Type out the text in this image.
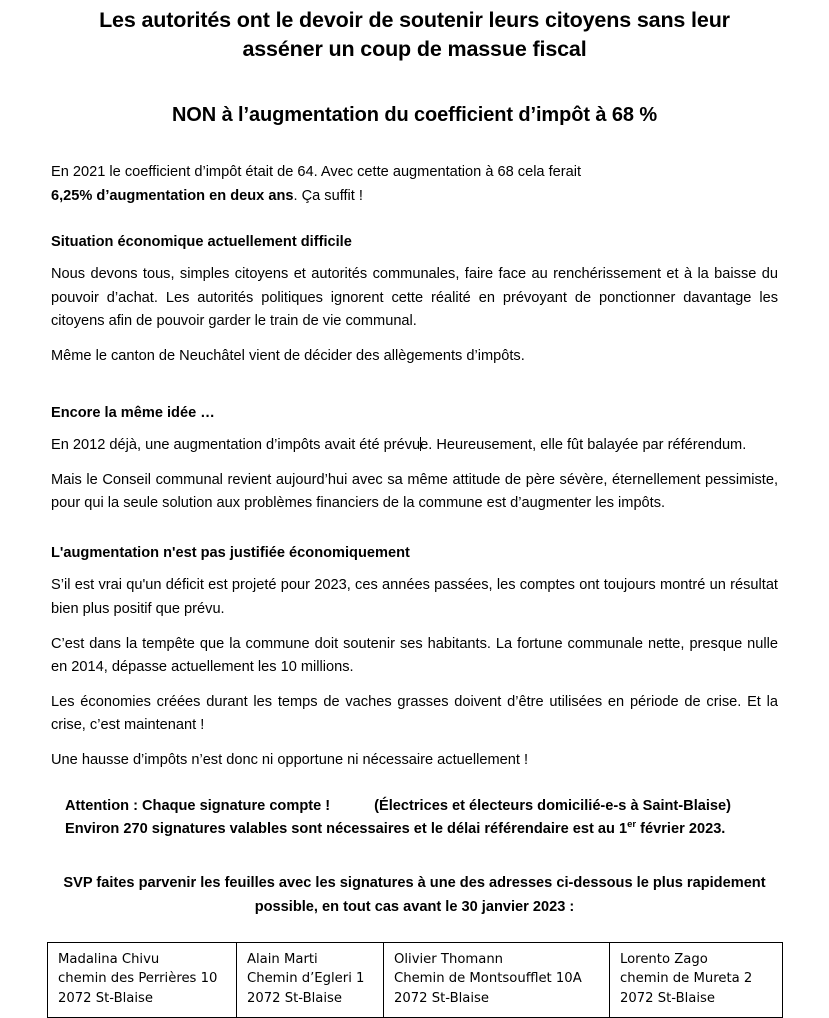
Les autorités ont le devoir de soutenir leurs citoyens sans leur
asséner un coup de massue fiscal
NON à l’augmentation du coefficient d’impôt à 68 %

En 2021 le coefficient d’impôt était de 64. Avec cette augmentation à 68 cela ferait
6,25% d’augmentation en deux ans. Ça suffit !

Situation économique actuellement difficile

Nous devons tous, simples citoyens et autorités communales, faire face au renchérissement et à la baisse du pouvoir d’achat. Les autorités politiques ignorent cette réalité en prévoyant de ponctionner davantage les citoyens afin de pouvoir garder le train de vie communal.

Même le canton de Neuchâtel vient de décider des allègements d’impôts.

Encore la même idée …

En 2012 déjà, une augmentation d’impôts avait été prévue. Heureusement, elle fût balayée par référendum.

Mais le Conseil communal revient aujourd’hui avec sa même attitude de père sévère, éternellement pessimiste, pour qui la seule solution aux problèmes financiers de la commune est d’augmenter les impôts.

L'augmentation n'est pas justifiée économiquement

S’il est vrai qu'un déficit est projeté pour 2023, ces années passées, les comptes ont toujours montré un résultat bien plus positif que prévu.

C’est dans la tempête que la commune doit soutenir ses habitants. La fortune communale nette, presque nulle en 2014, dépasse actuellement les 10 millions.

Les économies créées durant les temps de vaches grasses doivent d’être utilisées en période de crise. Et la crise, c’est maintenant !

Une hausse d’impôts n’est donc ni opportune ni nécessaire actuellement !

Attention : Chaque signature compte !	(Électrices et électeurs domicilié-e-s à Saint-Blaise)

Environ 270 signatures valables sont nécessaires et le délai référendaire est au 1er février 2023.

SVP faites parvenir les feuilles avec les signatures à une des adresses ci-dessous le plus rapidement

possible, en tout cas avant le 30 janvier 2023 :

Madalina Chivu
chemin des Perrières 10
2072 St-Blaise

Alain Marti
Chemin d’Egleri 1
2072 St-Blaise

Olivier Thomann
Chemin de Montsoufflet 10A
2072 St-Blaise

Lorento Zago
chemin de Mureta 2
2072 St-Blaise
